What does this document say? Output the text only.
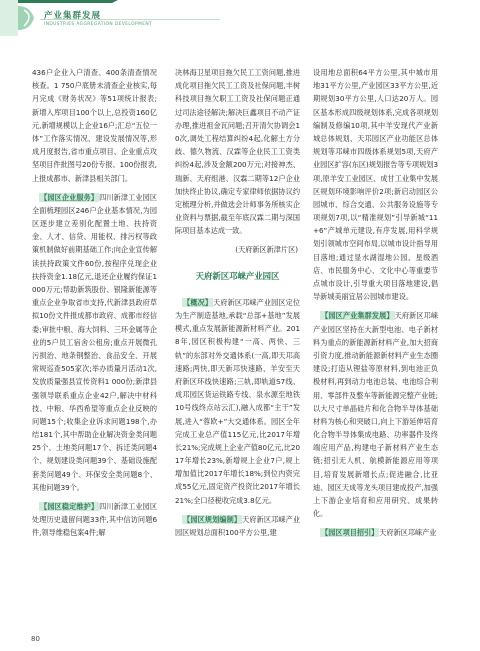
产业集群发展
INDUSTRIES AGGREGATION DEVELOPMENT

436户企业入户清查、400条清查情况核查。1 750户底册未清查企业核实,每月完成《财务状况》等51项统计报表;新增入库项目100个以上,总投资160亿元,新增规模以上企业16户;汇总“五位一体”工作落实情况、建设发展情况等,形成月度报告,省市重点项目、企业重点攻坚项目件批图号20份专报、100份报表,上报成都市、新津县相关部门。

【园区企业服务】四川新津工业园区全面梳理园区246户企业基本情况,为园区逐步建立差别化配置土地、扶持资金、人才、信贷、用能权、排污权等政策机制做好前期基础工作;向企业宣传解读扶持政策文件60份,按程序兑现企业扶持资金1.18亿元,退还企业履约保证1 000万元;帮助新筑股份、银隆新能源等重点企业争取省市支持,代新津县政府草拟10份文件报成都市政府、成都市经信委;审批中粮、海大饲料、三环金属等企业的5户员工宿舍公租房;重点开展微孔污损治、地条钢整治、食品安全、开展常规巡查505家次;举办质量月活动1次,发放质量强县宣传资料1 000份;新津县强领导联系重点企业42户,解决中材科技、中粮、华西希望等重点企业反映的问题15个;收集企业诉求问题198个,办结181个,其中帮助企业解决资金类问题25个、土地类问题17个、拆迁类问题4个、规划建设类问题39个、基础设施配套类问题49个、环保安全类问题8个、其他问题39个。

【园区稳定维护】四川新津工业园区处理历史遗留问题33件,其中信访问题6件,领导维稳包案4件;解

决林海卫星项目拖欠民工工资问题,推进成化项目拖欠民工工资及社保问题,丰树科技项目拖欠职工工资及社保问题正通过司法途径解决;解决巨鑫项目不动产证办理,推进祖金瓦问题;召开清欠协调会10次,调处工程结算纠纷4起,化解土方分歧、德久物流、汉霖等企业民工工资类纠纷4起,涉及金额200万元;对接神杰、瑞新、天府组港、汉霖二期等12户企业加快终止协议,确定专家律师依据协议约定梳理分析,并做选会计师事务所核实企业资料与票据,截至年底汉霖二期与深国际项目基本达成一致。

(天府新区新津片区)

天府新区邛崃产业园区

【概况】天府新区邛崃产业园区定位为生产制造基地,承载“总部+基地”发展模式,重点发展新能源新材料产业。2018年,园区积极构建“一高、两快、三轨”的东部对外交通体系(一高,即天邛高速路;两快,即天新邛快速路、羊安至天府新区环线快速路;三轨,即轨道S7线、成邛园区货运铁路专线、泉水源至地铁10号线终点站云汇),融入成都“主干”发展,进入“蓉欧+”大交通体系。园区全年完成工业总产值115亿元,比2017年增长21%;完成规上企业产值80亿元,比2017年增长23%,新增规上企业7户,规上增加值比2017年增长18%;到位内资完成55亿元,固定资产投资比2017年增长21%;全口径税收完成3.8亿元。

【园区规划编制】天府新区邛崃产业园区规划总面积100平方公里,建

设用地总面积64平方公里,其中城市用地31平方公里,产业园区33平方公里,近期规划30平方公里,人口达20万人。园区基本形成四级规划体系,完成各项规划编制及修编10项,其中羊安现代产业新城总体规划、天邛园区产业功能区总体规划等邛崃市四级体系规划5项,天府产业园区扩容(东区)规划报告等专项规划3项,原羊安工业园区、成甘工业集中发展区规划环境影响评价2项;新启动园区公园城市、综合交通、公共服务设施等专项规划7项,以“精准规划”引导新城“11+6”产城单元建设,有序发展,用科学规划引领城市空间布局,以城市设计指导用目落地;通过显水湖湿地公园、星级酒店、市民服务中心、文化中心等重要节点城市设计,引导重大项目落地建设,倡导新城美丽宜居公园城市建设。

【园区产业集群发展】天府新区邛崃产业园区坚持在大新型电池、电子新材料为重点的新能源新材料产业,加大招商引资力度,推动新能源新材料产业生态圈建设;打造从锂盐等原材料,到电池正负极材料,再到动力电池总装、电池综合利用、零部件及整车等新能源完整产业链;以大尺寸单晶硅片和化合物半导体基础材料为核心和突破口,向上下游延伸培育化合物半导体集成电路、功率器件及终端应用产品,构建电子新材料产业生态链;招引无人机、航模新能源应用等项目,培育发展新增长点;促进融合,比亚迪、园区天成等龙头项目建成投产,加强上下游企业培育和应用研究、成果转化。

【园区项目招引】天府新区邛崃产业

80
